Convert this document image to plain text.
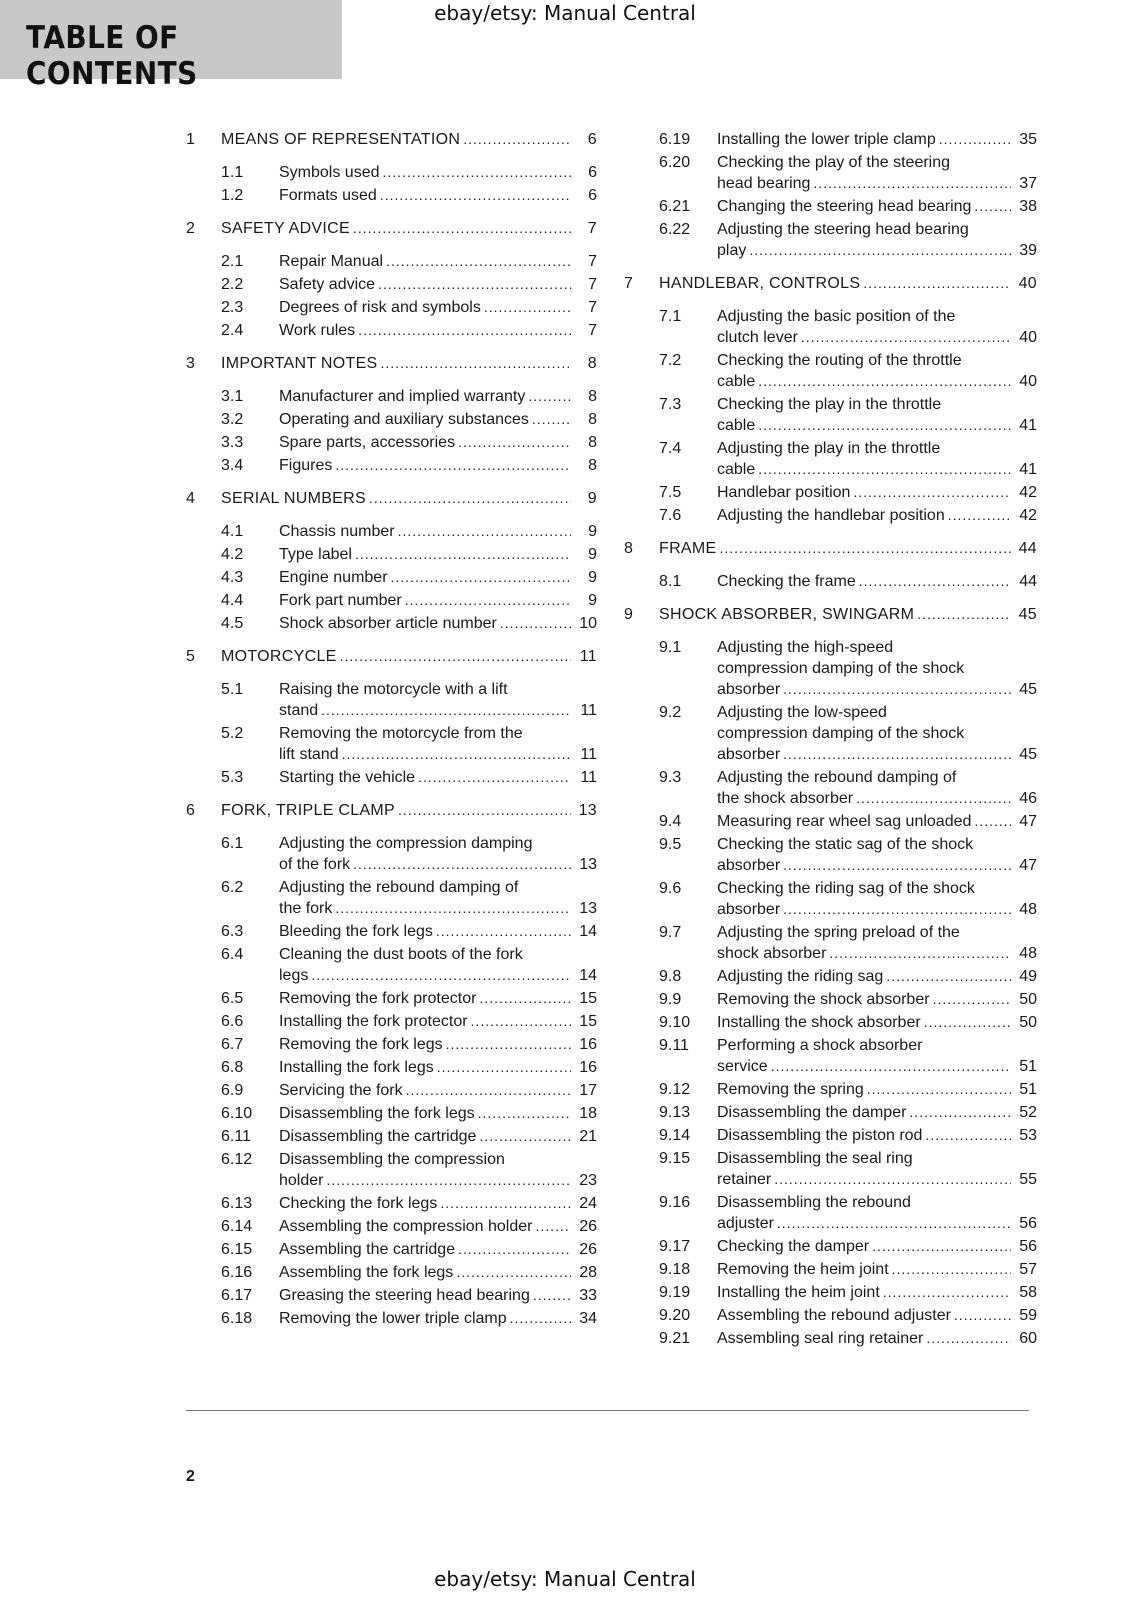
ebay/etsy: Manual Central
TABLE OF CONTENTS
1	MEANS OF REPRESENTATION .....	6
1.1	Symbols used .....	6
1.2	Formats used .....	6
2	SAFETY ADVICE .....	7
2.1	Repair Manual .....	7
2.2	Safety advice .....	7
2.3	Degrees of risk and symbols .....	7
2.4	Work rules .....	7
3	IMPORTANT NOTES .....	8
3.1	Manufacturer and implied warranty .....	8
3.2	Operating and auxiliary substances .....	8
3.3	Spare parts, accessories .....	8
3.4	Figures .....	8
4	SERIAL NUMBERS .....	9
4.1	Chassis number .....	9
4.2	Type label .....	9
4.3	Engine number .....	9
4.4	Fork part number .....	9
4.5	Shock absorber article number .....	10
5	MOTORCYCLE .....	11
5.1	Raising the motorcycle with a lift
stand .....	11
5.2	Removing the motorcycle from the
lift stand .....	11
5.3	Starting the vehicle .....	11
6	FORK, TRIPLE CLAMP .....	13
6.1	Adjusting the compression damping
of the fork .....	13
6.2	Adjusting the rebound damping of
the fork .....	13
6.3	Bleeding the fork legs .....	14
6.4	Cleaning the dust boots of the fork
legs .....	14
6.5	Removing the fork protector .....	15
6.6	Installing the fork protector .....	15
6.7	Removing the fork legs .....	16
6.8	Installing the fork legs .....	16
6.9	Servicing the fork .....	17
6.10	Disassembling the fork legs .....	18
6.11	Disassembling the cartridge .....	21
6.12	Disassembling the compression
holder .....	23
6.13	Checking the fork legs .....	24
6.14	Assembling the compression holder .....	26
6.15	Assembling the cartridge .....	26
6.16	Assembling the fork legs .....	28
6.17	Greasing the steering head bearing .....	33
6.18	Removing the lower triple clamp .....	34
6.19	Installing the lower triple clamp .....	35
6.20	Checking the play of the steering
head bearing .....	37
6.21	Changing the steering head bearing .....	38
6.22	Adjusting the steering head bearing
play .....	39
7	HANDLEBAR, CONTROLS .....	40
7.1	Adjusting the basic position of the
clutch lever .....	40
7.2	Checking the routing of the throttle
cable .....	40
7.3	Checking the play in the throttle
cable .....	41
7.4	Adjusting the play in the throttle
cable .....	41
7.5	Handlebar position .....	42
7.6	Adjusting the handlebar position .....	42
8	FRAME .....	44
8.1	Checking the frame .....	44
9	SHOCK ABSORBER, SWINGARM .....	45
9.1	Adjusting the high-speed
compression damping of the shock
absorber .....	45
9.2	Adjusting the low-speed
compression damping of the shock
absorber .....	45
9.3	Adjusting the rebound damping of
the shock absorber .....	46
9.4	Measuring rear wheel sag unloaded .....	47
9.5	Checking the static sag of the shock
absorber .....	47
9.6	Checking the riding sag of the shock
absorber .....	48
9.7	Adjusting the spring preload of the
shock absorber .....	48
9.8	Adjusting the riding sag .....	49
9.9	Removing the shock absorber .....	50
9.10	Installing the shock absorber .....	50
9.11	Performing a shock absorber
service .....	51
9.12	Removing the spring .....	51
9.13	Disassembling the damper .....	52
9.14	Disassembling the piston rod .....	53
9.15	Disassembling the seal ring
retainer .....	55
9.16	Disassembling the rebound
adjuster .....	56
9.17	Checking the damper .....	56
9.18	Removing the heim joint .....	57
9.19	Installing the heim joint .....	58
9.20	Assembling the rebound adjuster .....	59
9.21	Assembling seal ring retainer .....	60
2
ebay/etsy: Manual Central
